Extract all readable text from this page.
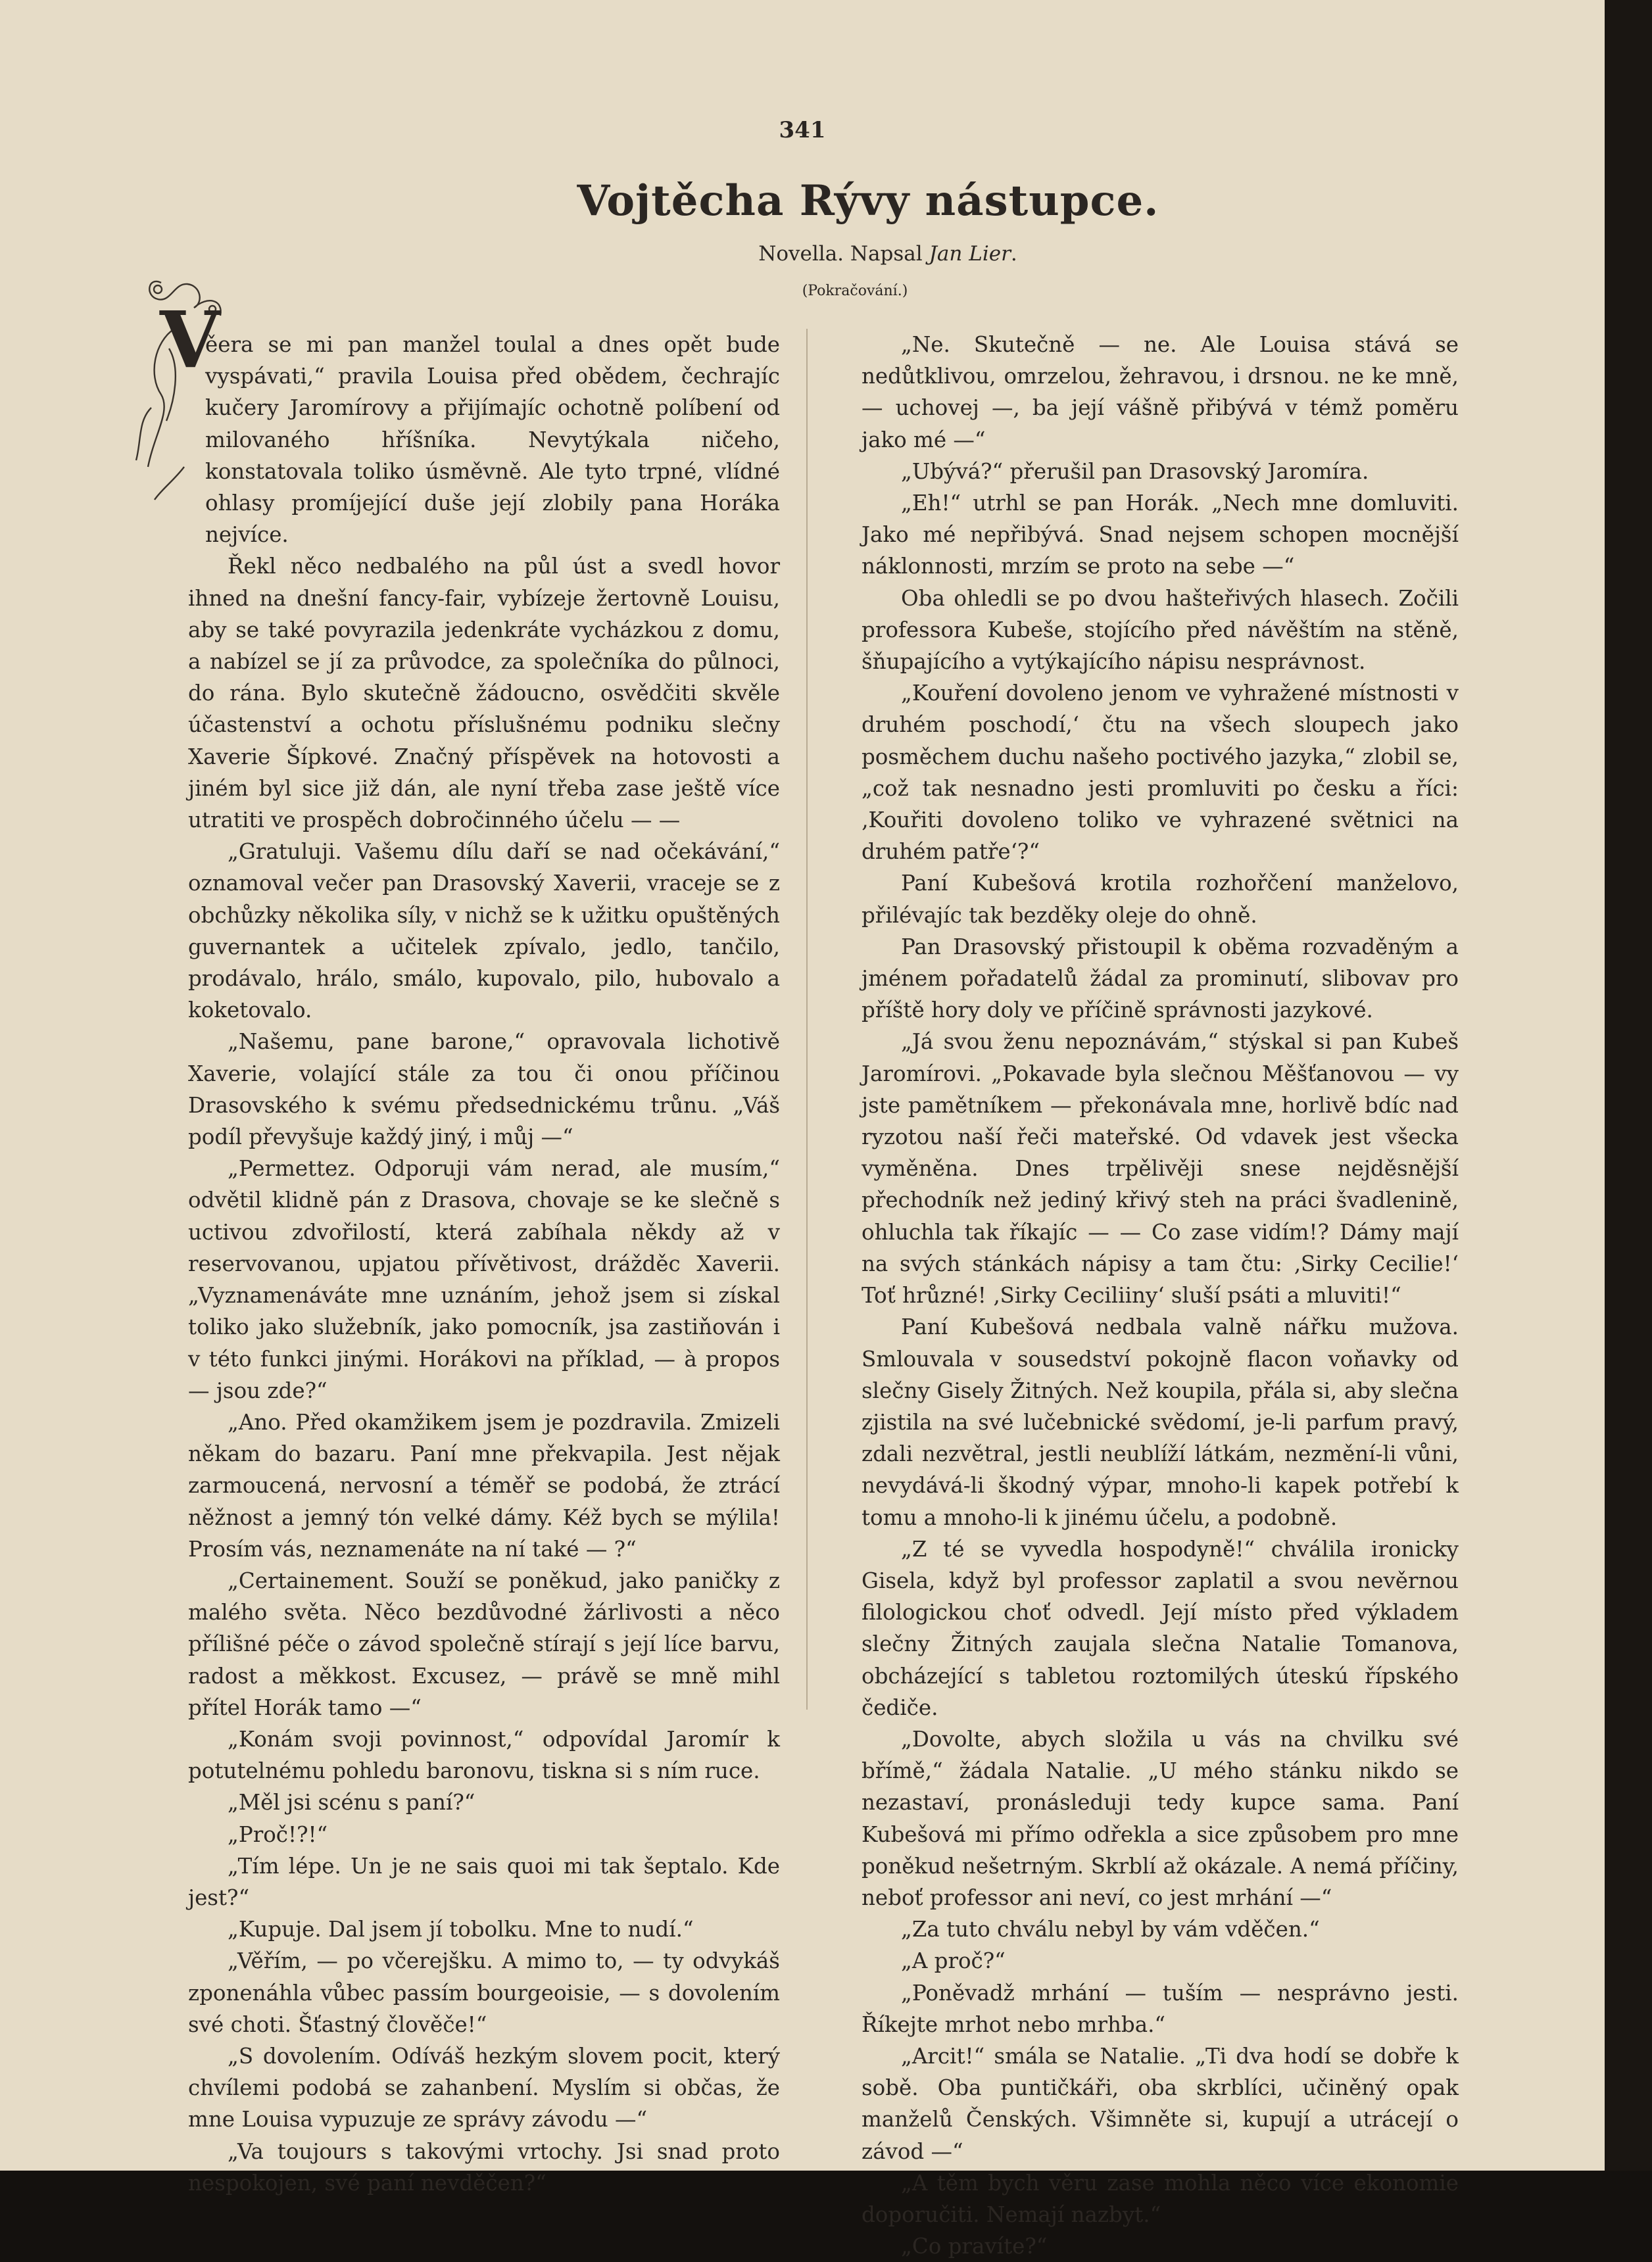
341
Vojtěcha Rývy nástupce.
Novella. Napsal Jan Lier.
(Pokračování.)
V

ěera se mi pan manžel toulal a dnes opět bude vyspávati,“ pravila Louisa před obědem, čechrajíc kučery Jaromírovy a přijímajíc ochotně políbení od milovaného hříšníka. Nevytýkala ničeho, konstatovala toliko úsměvně. Ale tyto trpné, vlídné ohlasy promíjející duše její zlobily pana Horáka nejvíce.

Řekl něco nedbalého na půl úst a svedl hovor ihned na dnešní fancy-fair, vybízeje žertovně Louisu, aby se také povyrazila jedenkráte vycházkou z domu, a nabízel se jí za průvodce, za společníka do půlnoci, do rána. Bylo skutečně žádoucno, osvědčiti skvěle účastenství a ochotu příslušnému podniku slečny Xaverie Šípkové. Značný příspěvek na hotovosti a jiném byl sice již dán, ale nyní třeba zase ještě více utratiti ve prospěch dobročinného účelu — —

„Gratuluji. Vašemu dílu daří se nad očekávání,“ oznamoval večer pan Drasovský Xaverii, vraceje se z obchůzky několika síly, v nichž se k užitku opuštěných guvernantek a učitelek zpívalo, jedlo, tančilo, prodávalo, hrálo, smálo, kupovalo, pilo, hubovalo a koketovalo.

„Našemu, pane barone,“ opravovala lichotivě Xaverie, volající stále za tou či onou příčinou Drasovského k svému předsednickému trůnu. „Váš podíl převyšuje každý jiný, i můj —“

„Permettez. Odporuji vám nerad, ale musím,“ odvětil klidně pán z Drasova, chovaje se ke slečně s uctivou zdvořilostí, která zabíhala někdy až v reservovanou, upjatou přívětivost, drážděc Xaverii. „Vyznamenáváte mne uznáním, jehož jsem si získal toliko jako služebník, jako pomocník, jsa zastiňován i v této funkci jinými. Horákovi na příklad, — à propos — jsou zde?“

„Ano. Před okamžikem jsem je pozdravila. Zmizeli někam do bazaru. Paní mne překvapila. Jest nějak zarmoucená, nervosní a téměř se podobá, že ztrácí něžnost a jemný tón velké dámy. Kéž bych se mýlila! Prosím vás, neznamenáte na ní také — ?“

„Certainement. Souží se poněkud, jako paničky z malého světa. Něco bezdůvodné žárlivosti a něco přílišné péče o závod společně stírají s její líce barvu, radost a měkkost. Excusez, — právě se mně mihl přítel Horák tamo —“

„Konám svoji povinnost,“ odpovídal Jaromír k potutelnému pohledu baronovu, tiskna si s ním ruce.

„Měl jsi scénu s paní?“

„Proč!?!“

„Tím lépe. Un je ne sais quoi mi tak šeptalo. Kde jest?“

„Kupuje. Dal jsem jí tobolku. Mne to nudí.“

„Věřím, — po včerejšku. A mimo to, — ty odvykáš zponenáhla vůbec passím bourgeoisie, — s dovolením své choti. Šťastný člověče!“

„S dovolením. Odíváš hezkým slovem pocit, který chvílemi podobá se zahanbení. Myslím si občas, že mne Louisa vypuzuje ze správy závodu —“

„Va toujours s takovými vrtochy. Jsi snad proto nespokojen, své paní nevděčen?“

„Ne. Skutečně — ne. Ale Louisa stává se nedůtklivou, omrzelou, žehravou, i drsnou. ne ke mně, — uchovej —, ba její vášně přibývá v témž poměru jako mé —“

„Ubývá?“ přerušil pan Drasovský Jaromíra.

„Eh!“ utrhl se pan Horák. „Nech mne domluviti. Jako mé nepřibývá. Snad nejsem schopen mocnější náklonnosti, mrzím se proto na sebe —“

Oba ohledli se po dvou hašteřivých hlasech. Zočili professora Kubeše, stojícího před návěštím na stěně, šňupajícího a vytýkajícího nápisu nesprávnost.

„Kouření dovoleno jenom ve vyhražené místnosti v druhém poschodí,‘ čtu na všech sloupech jako posměchem duchu našeho poctivého jazyka,“ zlobil se, „což tak nesnadno jesti promluviti po česku a říci: ‚Kouřiti dovoleno toliko ve vyhrazené světnici na druhém patře‘?“

Paní Kubešová krotila rozhořčení manželovo, přilévajíc tak bezděky oleje do ohně.

Pan Drasovský přistoupil k oběma rozvaděným a jménem pořadatelů žádal za prominutí, slibovav pro příště hory doly ve příčině správnosti jazykové.

„Já svou ženu nepoznávám,“ stýskal si pan Kubeš Jaromírovi. „Pokavade byla slečnou Měšťanovou — vy jste pamětníkem — překonávala mne, horlivě bdíc nad ryzotou naší řeči mateřské. Od vdavek jest všecka vyměněna. Dnes trpělivěji snese nejděsnější přechodník než jediný křivý steh na práci švadlenině, ohluchla tak říkajíc — — Co zase vidím!? Dámy mají na svých stánkách nápisy a tam čtu: ‚Sirky Cecilie!‘ Toť hrůzné! ‚Sirky Ceciliiny‘ sluší psáti a mluviti!“

Paní Kubešová nedbala valně nářku mužova. Smlouvala v sousedství pokojně flacon voňavky od slečny Gisely Žitných. Než koupila, přála si, aby slečna zjistila na své lučebnické svědomí, je-li parfum pravý, zdali nezvětral, jestli neublíží látkám, nezmění-li vůni, nevydává-li škodný výpar, mnoho-li kapek potřebí k tomu a mnoho-li k jinému účelu, a podobně.

„Z té se vyvedla hospodyně!“ chválila ironicky Gisela, když byl professor zaplatil a svou nevěrnou filologickou choť odvedl. Její místo před výkladem slečny Žitných zaujala slečna Natalie Tomanova, obcházející s tabletou roztomilých úteskú řípského čediče.

„Dovolte, abych složila u vás na chvilku své břímě,“ žádala Natalie. „U mého stánku nikdo se nezastaví, pronásleduji tedy kupce sama. Paní Kubešová mi přímo odřekla a sice způsobem pro mne poněkud nešetrným. Skrblí až okázale. A nemá příčiny, neboť professor ani neví, co jest mrhání —“

„Za tuto chválu nebyl by vám vděčen.“

„A proč?“

„Poněvadž mrhání — tuším — nesprávno jesti. Říkejte mrhot nebo mrhba.“

„Arcit!“ smála se Natalie. „Ti dva hodí se dobře k sobě. Oba puntičkáři, oba skrblíci, učiněný opak manželů Čenských. Všimněte si, kupují a utrácejí o závod —“

„A těm bych věru zase mohla něco více ekonomie doporučiti. Nemají nazbyt.“

„Co pravíte?“
